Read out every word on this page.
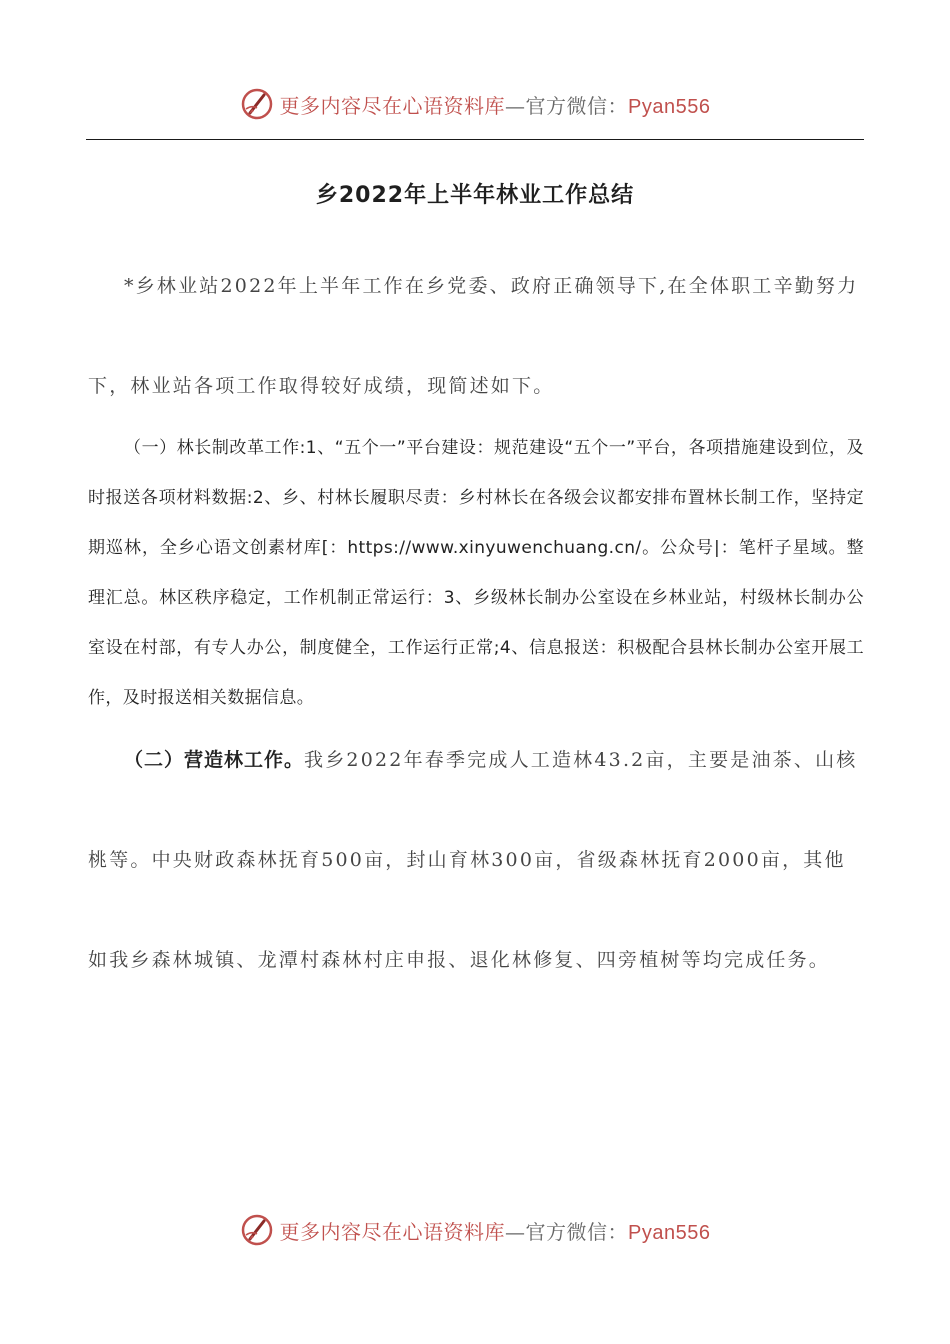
更多内容尽在心语资料库—官方微信：Pyan556
乡2022年上半年林业工作总结

*乡林业站2022年上半年工作在乡党委、政府正确领导下,在全体职工辛勤努力下，林业站各项工作取得较好成绩，现简述如下。

（一）林长制改革工作:1、“五个一”平台建设：规范建设“五个一”平台，各项措施建设到位，及时报送各项材料数据:2、乡、村林长履职尽责：乡村林长在各级会议都安排布置林长制工作，坚持定期巡林，全乡心语文创素材库[：https://www.xinyuwenchuang.cn/。公众号|：笔杆子星域。整理汇总。林区秩序稳定，工作机制正常运行：3、乡级林长制办公室设在乡林业站，村级林长制办公室设在村部，有专人办公，制度健全，工作运行正常;4、信息报送：积极配合县林长制办公室开展工作，及时报送相关数据信息。

（二）营造林工作。我乡2022年春季完成人工造林43.2亩，主要是油茶、山核桃等。中央财政森林抚育500亩，封山育林300亩，省级森林抚育2000亩，其他如我乡森林城镇、龙潭村森林村庄申报、退化林修复、四旁植树等均完成任务。

更多内容尽在心语资料库—官方微信：Pyan556
